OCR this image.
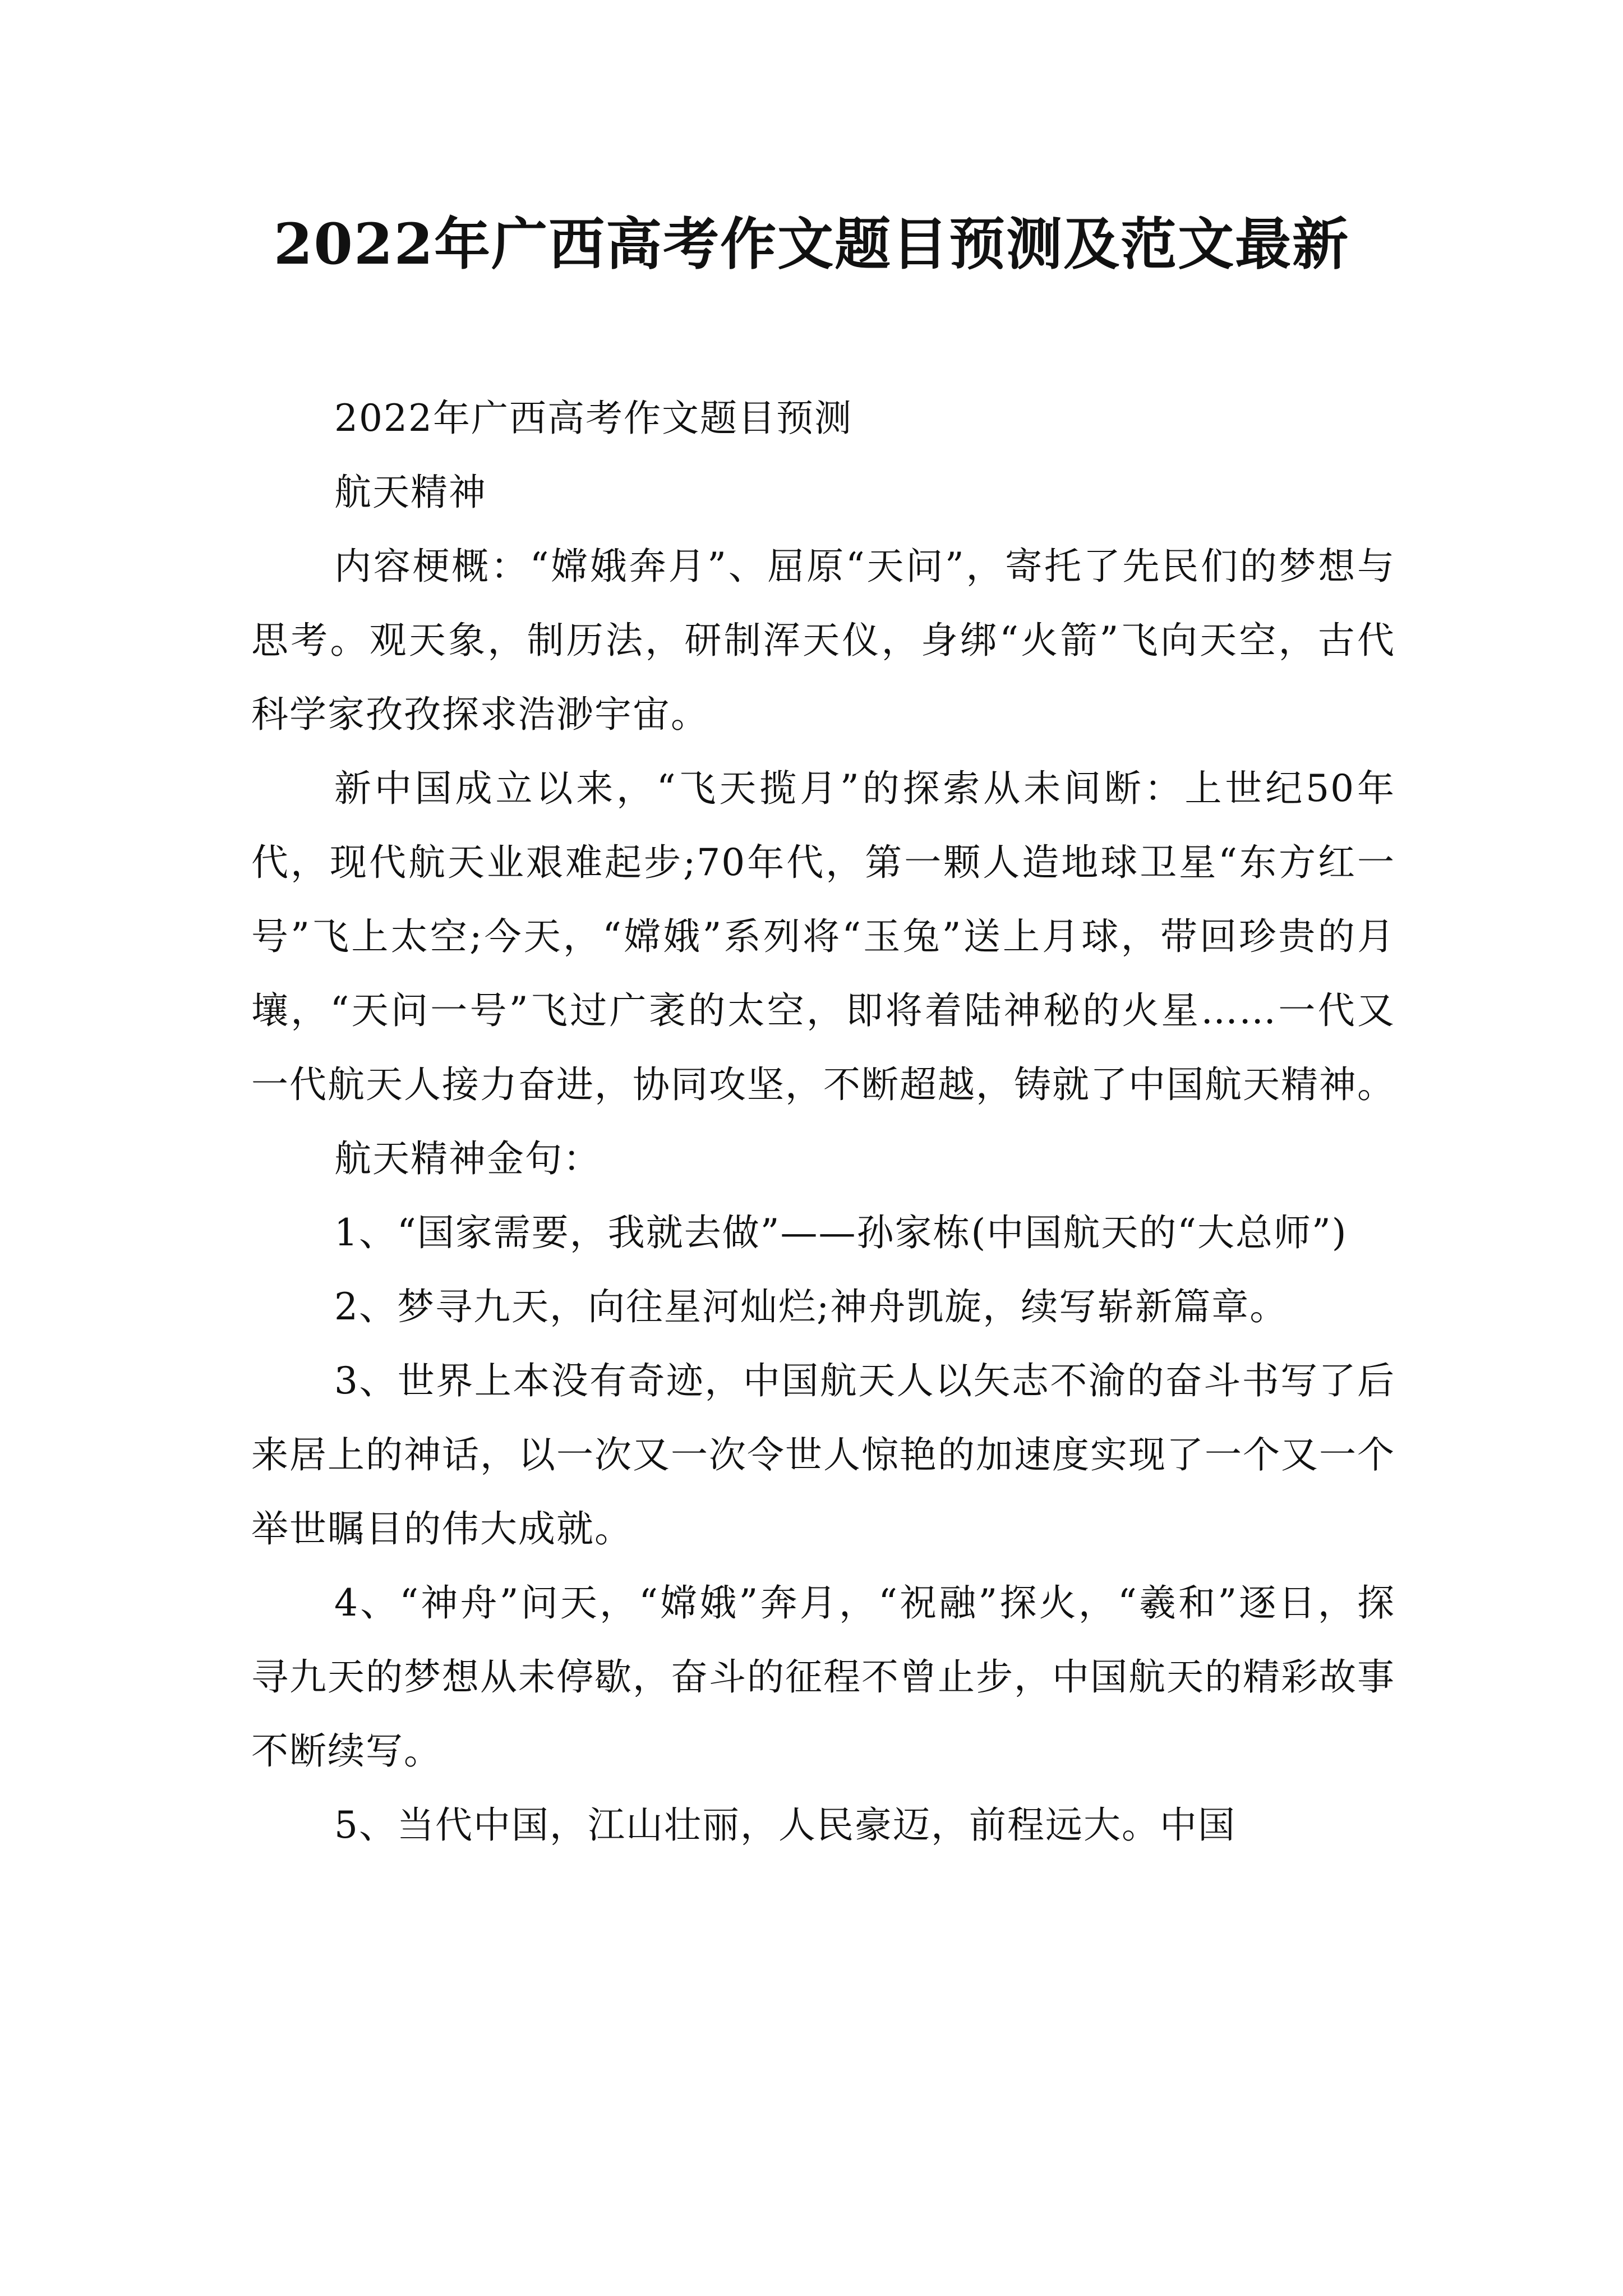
2022年广西高考作文题目预测及范文最新

2022年广西高考作文题目预测

航天精神

内容梗概：“嫦娥奔月”、屈原“天问”，寄托了先民们的梦想与思考。观天象，制历法，研制浑天仪，身绑“火箭”飞向天空，古代科学家孜孜探求浩渺宇宙。

新中国成立以来，“飞天揽月”的探索从未间断：上世纪50年代，现代航天业艰难起步;70年代，第一颗人造地球卫星“东方红一号”飞上太空;今天，“嫦娥”系列将“玉兔”送上月球，带回珍贵的月壤，“天问一号”飞过广袤的太空，即将着陆神秘的火星……一代又一代航天人接力奋进，协同攻坚，不断超越，铸就了中国航天精神。

航天精神金句：

1、“国家需要，我就去做”——孙家栋(中国航天的“大总师”)

2、梦寻九天，向往星河灿烂;神舟凯旋，续写崭新篇章。

3、世界上本没有奇迹，中国航天人以矢志不渝的奋斗书写了后来居上的神话，以一次又一次令世人惊艳的加速度实现了一个又一个举世瞩目的伟大成就。

4、“神舟”问天，“嫦娥”奔月，“祝融”探火，“羲和”逐日，探寻九天的梦想从未停歇，奋斗的征程不曾止步，中国航天的精彩故事不断续写。

5、当代中国，江山壮丽，人民豪迈，前程远大。中国
